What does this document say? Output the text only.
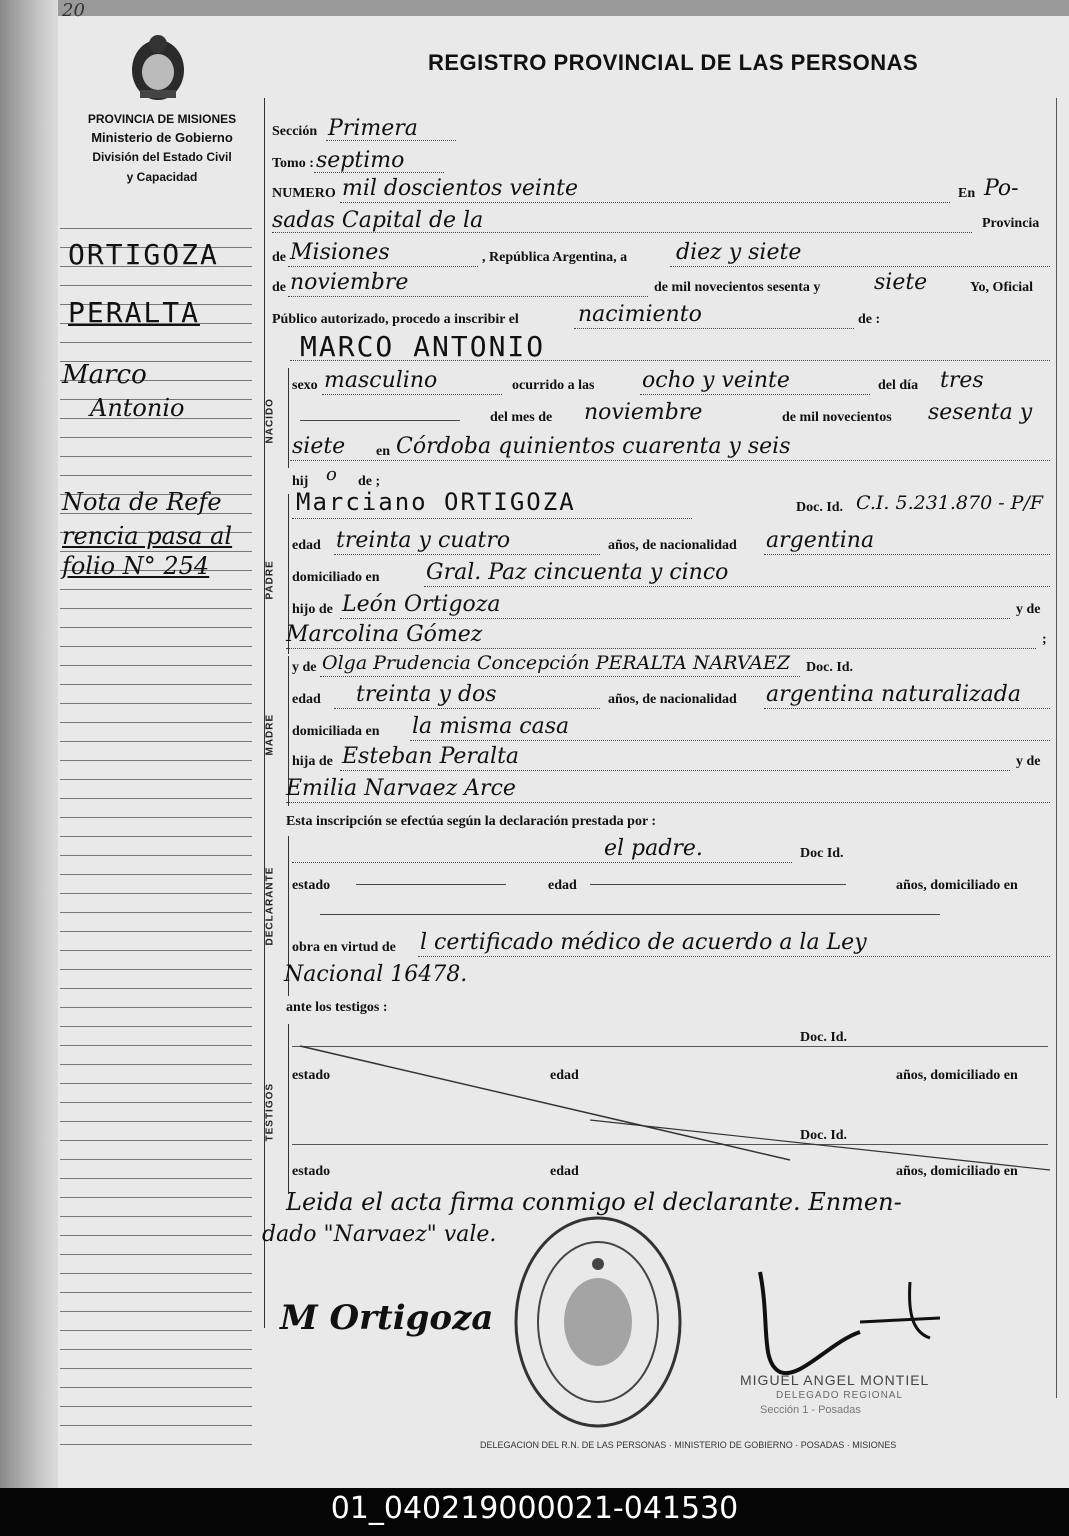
20
PROVINCIA DE MISIONES
Ministerio de Gobierno
División del Estado Civil
y Capacidad
REGISTRO PROVINCIAL DE LAS PERSONAS
ORTIGOZA
PERALTA
Marco
Antonio
Nota de Refe
rencia pasa al
folio N° 254
Sección Primera
Tomo : septimo
NUMERO mil doscientos veinte	En Po-
sadas Capital de la	Provincia
de Misiones	, República Argentina, a diez y siete
de noviembre	de mil novecientos sesenta y siete	Yo, Oficial
Público autorizado, procedo a inscribir el	nacimiento	de :
MARCO ANTONIO
NACIDO
sexo masculino	ocurrido a las ocho y veinte	del día tres
del mes de noviembre	de mil novecientos sesenta y
siete en Córdoba quinientos cuarenta y seis
hij o de ;
PADRE
Marciano ORTIGOZA	Doc. Id. C.I. 5.231.870 - P/F
edad treinta y cuatro	años, de nacionalidad argentina
domiciliado en Gral. Paz cincuenta y cinco
hijo de León Ortigoza	y de
Marcolina Gómez	;
MADRE
y de Olga Prudencia Concepción PERALTA NARVAEZ Doc. Id.
edad treinta y dos	años, de nacionalidad argentina naturalizada
domiciliada en la misma casa
hija de Esteban Peralta	y de
Emilia Narvaez Arce
Esta inscripción se efectúa según la declaración prestada por :
DECLARANTE
el padre.	Doc Id.
estado	edad	años, domiciliado en
obra en virtud de l certificado médico de acuerdo a la Ley
Nacional 16478.
ante los testigos :
TESTIGOS
Doc. Id.
estado	edad	años, domiciliado en
Doc. Id.
estado	edad	años, domiciliado en
Leida el acta firma conmigo el declarante. Enmen-
dado "Narvaez" vale.
M Ortigoza
DELEGACION DEL R.N. DE LAS PERSONAS · MINISTERIO DE GOBIERNO · POSADAS · MISIONES
MIGUEL ANGEL MONTIEL
DELEGADO REGIONAL
Sección 1 - Posadas
01_040219000021-041530
